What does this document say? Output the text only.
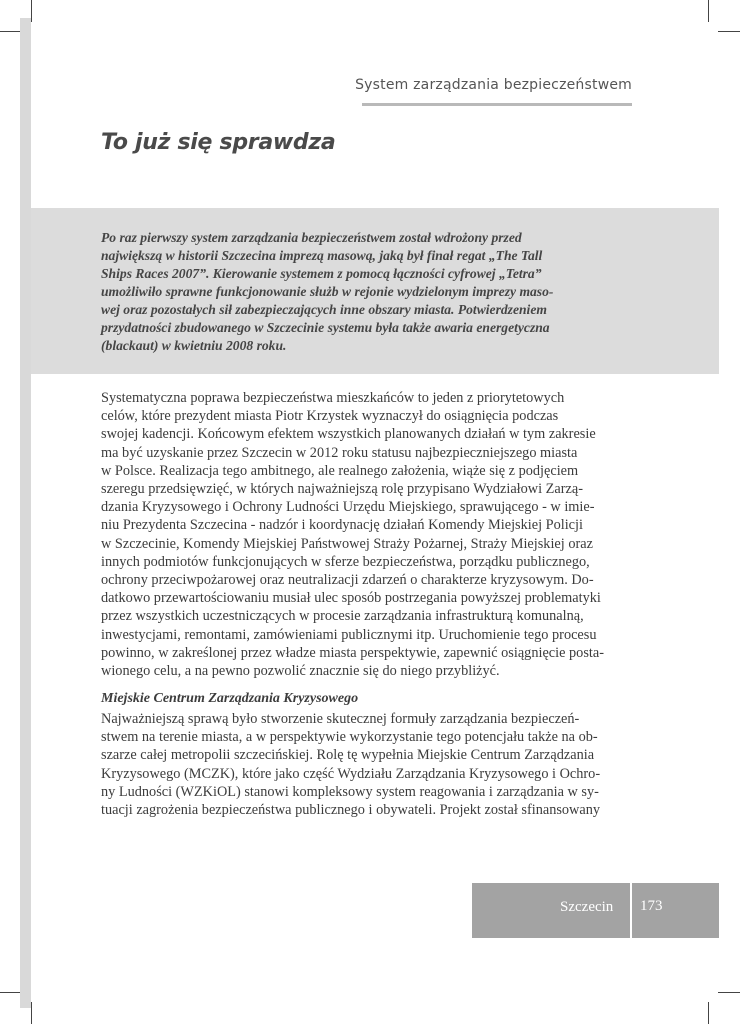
System zarządzania bezpieczeństwem
To już się sprawdza
Po raz pierwszy system zarządzania bezpieczeństwem został wdrożony przed
największą w historii Szczecina imprezą masową, jaką był finał regat „The Tall
Ships Races 2007”. Kierowanie systemem z pomocą łączności cyfrowej „Tetra”
umożliwiło sprawne funkcjonowanie służb w rejonie wydzielonym imprezy maso-
wej oraz pozostałych sił zabezpieczających inne obszary miasta. Potwierdzeniem
przydatności zbudowanego w Szczecinie systemu była także awaria energetyczna
(blackaut) w kwietniu 2008 roku.
Systematyczna poprawa bezpieczeństwa mieszkańców to jeden z priorytetowych
celów, które prezydent miasta Piotr Krzystek wyznaczył do osiągnięcia podczas
swojej kadencji. Końcowym efektem wszystkich planowanych działań w tym zakresie
ma być uzyskanie przez Szczecin w 2012 roku statusu najbezpieczniejszego miasta
w Polsce. Realizacja tego ambitnego, ale realnego założenia, wiąże się z podjęciem
szeregu przedsięwzięć, w których najważniejszą rolę przypisano Wydziałowi Zarzą-
dzania Kryzysowego i Ochrony Ludności Urzędu Miejskiego, sprawującego - w imie-
niu Prezydenta Szczecina - nadzór i koordynację działań Komendy Miejskiej Policji
w Szczecinie, Komendy Miejskiej Państwowej Straży Pożarnej, Straży Miejskiej oraz
innych podmiotów funkcjonujących w sferze bezpieczeństwa, porządku publicznego,
ochrony przeciwpożarowej oraz neutralizacji zdarzeń o charakterze kryzysowym. Do-
datkowo przewartościowaniu musiał ulec sposób postrzegania powyższej problematyki
przez wszystkich uczestniczących w procesie zarządzania infrastrukturą komunalną,
inwestycjami, remontami, zamówieniami publicznymi itp. Uruchomienie tego procesu
powinno, w zakreślonej przez władze miasta perspektywie, zapewnić osiągnięcie posta-
wionego celu, a na pewno pozwolić znacznie się do niego przybliżyć.
Miejskie Centrum Zarządzania Kryzysowego
Najważniejszą sprawą było stworzenie skutecznej formuły zarządzania bezpieczeń-
stwem na terenie miasta, a w perspektywie wykorzystanie tego potencjału także na ob-
szarze całej metropolii szczecińskiej. Rolę tę wypełnia Miejskie Centrum Zarządzania
Kryzysowego (MCZK), które jako część Wydziału Zarządzania Kryzysowego i Ochro-
ny Ludności (WZKiOL) stanowi kompleksowy system reagowania i zarządzania w sy-
tuacji zagrożenia bezpieczeństwa publicznego i obywateli. Projekt został sfinansowany
Szczecin 173
